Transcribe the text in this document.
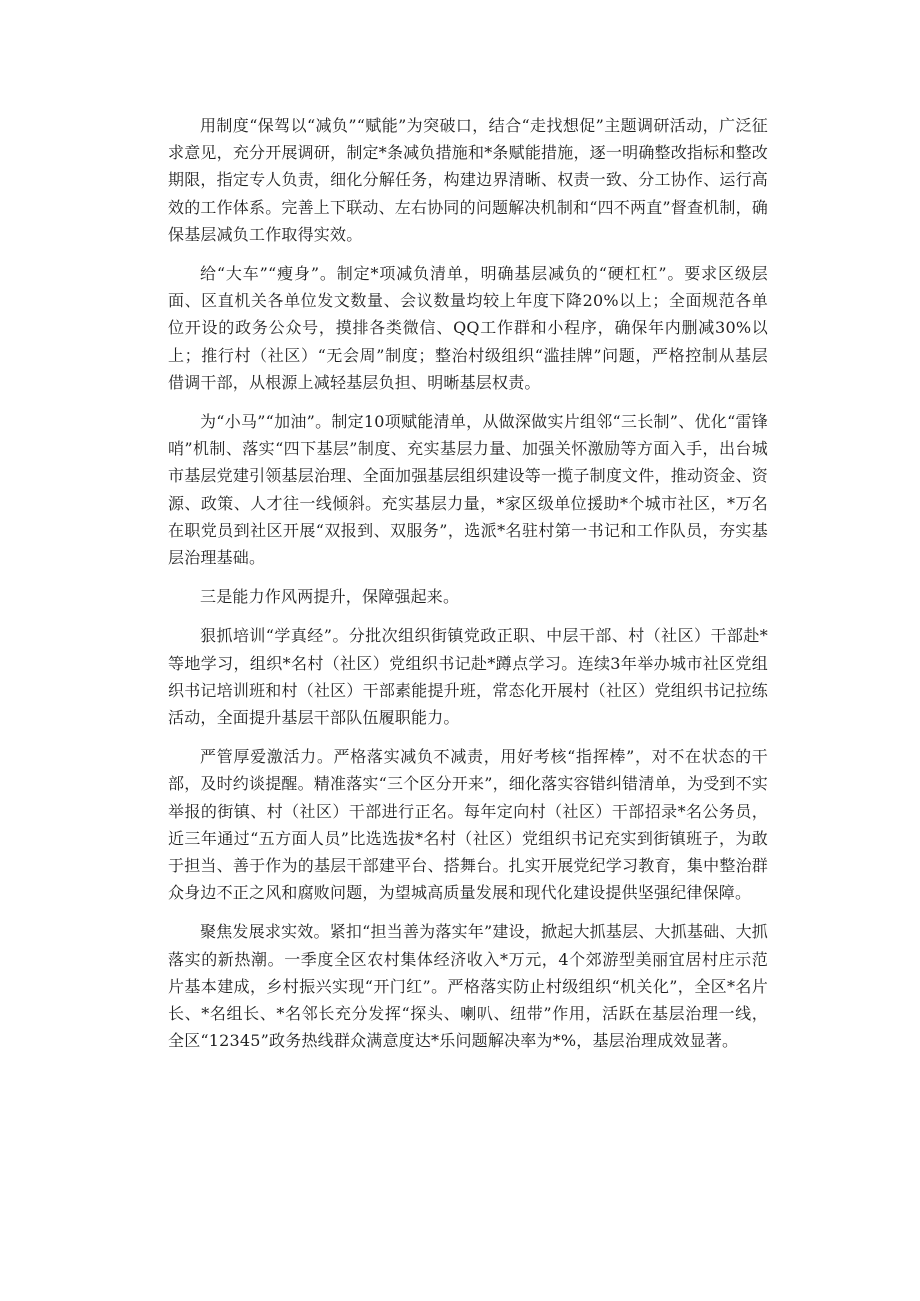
用制度“保驾以“减负”“赋能”为突破口，结合“走找想促”主题调研活动，广泛征求意见，充分开展调研，制定*条减负措施和*条赋能措施，逐一明确整改指标和整改期限，指定专人负责，细化分解任务，构建边界清晰、权责一致、分工协作、运行高效的工作体系。完善上下联动、左右协同的问题解决机制和“四不两直”督查机制，确保基层减负工作取得实效。

给“大车”“瘦身”。制定*项减负清单，明确基层减负的“硬杠杠”。要求区级层面、区直机关各单位发文数量、会议数量均较上年度下降20%以上；全面规范各单位开设的政务公众号，摸排各类微信、QQ工作群和小程序，确保年内删减30%以上；推行村（社区）“无会周”制度；整治村级组织“滥挂牌”问题，严格控制从基层借调干部，从根源上减轻基层负担、明晰基层权责。

为“小马”“加油”。制定10项赋能清单，从做深做实片组邻“三长制”、优化“雷锋哨”机制、落实“四下基层”制度、充实基层力量、加强关怀激励等方面入手，出台城市基层党建引领基层治理、全面加强基层组织建设等一揽子制度文件，推动资金、资源、政策、人才往一线倾斜。充实基层力量，*家区级单位援助*个城市社区，*万名在职党员到社区开展“双报到、双服务”，选派*名驻村第一书记和工作队员，夯实基层治理基础。

三是能力作风两提升，保障强起来。

狠抓培训“学真经”。分批次组织街镇党政正职、中层干部、村（社区）干部赴*等地学习，组织*名村（社区）党组织书记赴*蹲点学习。连续3年举办城市社区党组织书记培训班和村（社区）干部素能提升班，常态化开展村（社区）党组织书记拉练活动，全面提升基层干部队伍履职能力。

严管厚爱激活力。严格落实减负不减责，用好考核“指挥棒”，对不在状态的干部，及时约谈提醒。精准落实“三个区分开来”，细化落实容错纠错清单，为受到不实举报的街镇、村（社区）干部进行正名。每年定向村（社区）干部招录*名公务员，近三年通过“五方面人员”比选选拔*名村（社区）党组织书记充实到街镇班子，为敢于担当、善于作为的基层干部建平台、搭舞台。扎实开展党纪学习教育，集中整治群众身边不正之风和腐败问题，为望城高质量发展和现代化建设提供坚强纪律保障。

聚焦发展求实效。紧扣“担当善为落实年”建设，掀起大抓基层、大抓基础、大抓落实的新热潮。一季度全区农村集体经济收入*万元，4个郊游型美丽宜居村庄示范片基本建成，乡村振兴实现“开门红”。严格落实防止村级组织“机关化”，全区*名片长、*名组长、*名邻长充分发挥“探头、喇叭、纽带”作用，活跃在基层治理一线，全区“12345”政务热线群众满意度达*乐问题解决率为*%，基层治理成效显著。
